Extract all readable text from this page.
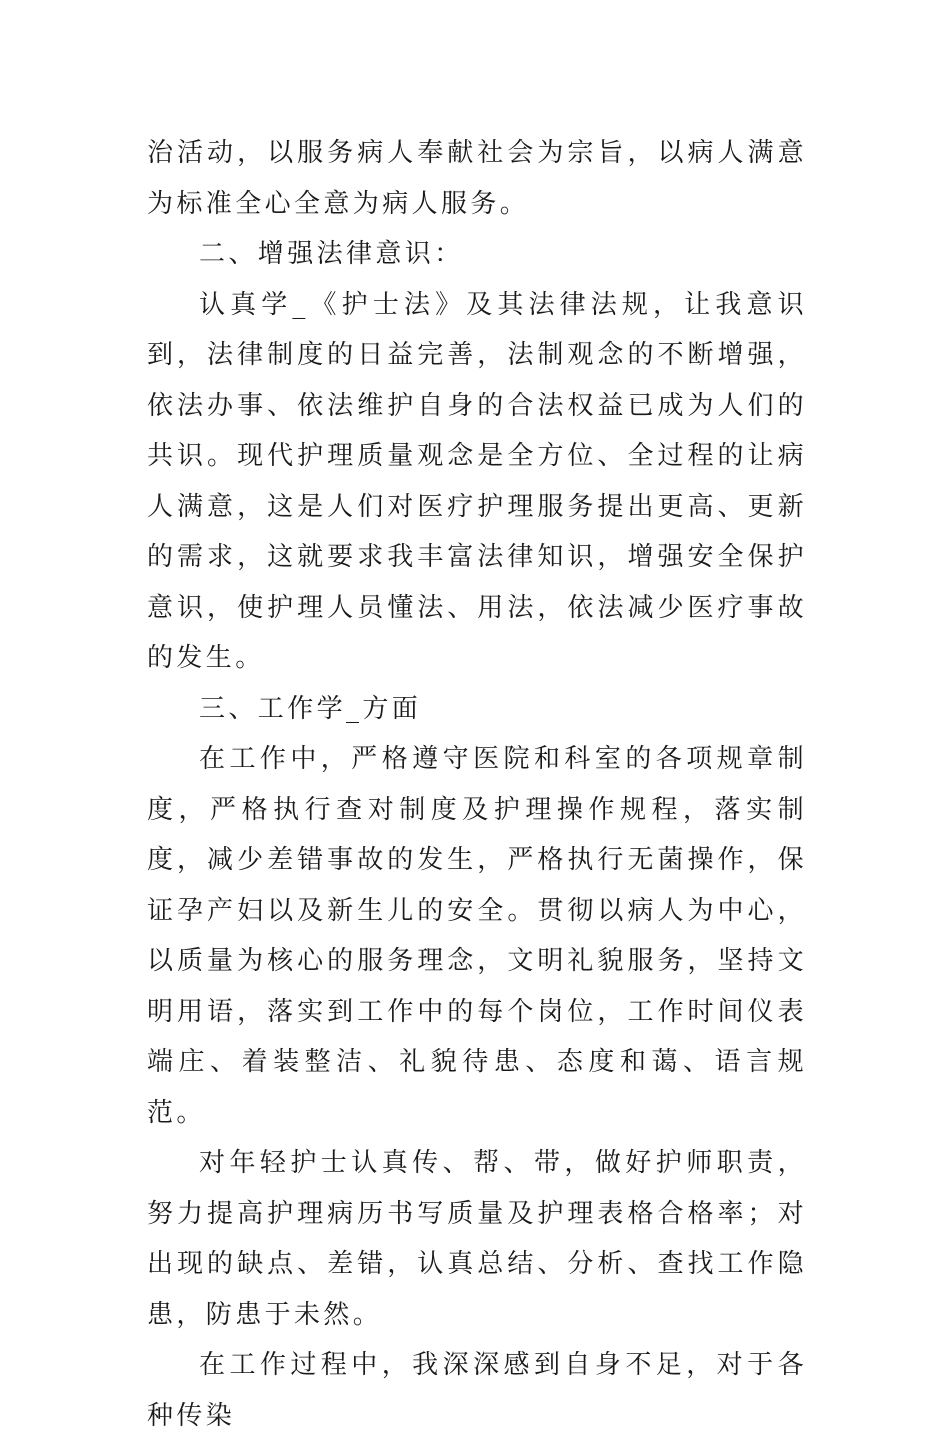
治活动，以服务病人奉献社会为宗旨，以病人满意为标准全心全意为病人服务。

二、增强法律意识：

认真学_《护士法》及其法律法规，让我意识到，法律制度的日益完善，法制观念的不断增强，依法办事、依法维护自身的合法权益已成为人们的共识。现代护理质量观念是全方位、全过程的让病人满意，这是人们对医疗护理服务提出更高、更新的需求，这就要求我丰富法律知识，增强安全保护意识，使护理人员懂法、用法，依法减少医疗事故的发生。

三、工作学_方面

在工作中，严格遵守医院和科室的各项规章制度，严格执行查对制度及护理操作规程，落实制度，减少差错事故的发生，严格执行无菌操作，保证孕产妇以及新生儿的安全。贯彻以病人为中心，以质量为核心的服务理念，文明礼貌服务，坚持文明用语，落实到工作中的每个岗位，工作时间仪表端庄、着装整洁、礼貌待患、态度和蔼、语言规范。

对年轻护士认真传、帮、带，做好护师职责，努力提高护理病历书写质量及护理表格合格率；对出现的缺点、差错，认真总结、分析、查找工作隐患，防患于未然。

在工作过程中，我深深感到自身不足，对于各种传染
